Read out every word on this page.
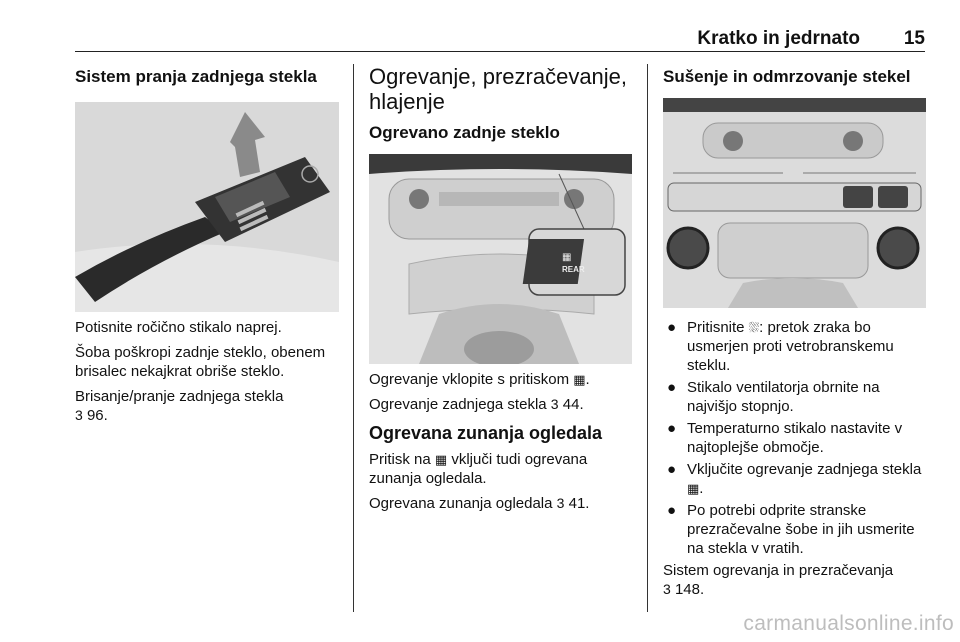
Kratko in jedrnato 15
Sistem pranja zadnjega stekla

Potisnite ročično stikalo naprej.

Šoba poškropi zadnje steklo, obenem brisalec nekajkrat obriše steklo.

Brisanje/pranje zadnjega stekla
3 96.

Ogrevanje, prezračevanje, hlajenje
Ogrevano zadnje steklo
REAR
▦

Ogrevanje vklopite s pritiskom ▦.

Ogrevanje zadnjega stekla 3 44.

Ogrevana zunanja ogledala

Pritisk na ▦ vključi tudi ogrevana zunanja ogledala.

Ogrevana zunanja ogledala 3 41.

Sušenje in odmrzovanje stekel
● Pritisnite ⛆: pretok zraka bo usmerjen proti vetrobranskemu steklu.
● Stikalo ventilatorja obrnite na najvišjo stopnjo.
● Temperaturno stikalo nastavite v najtoplejše območje.
● Vključite ogrevanje zadnjega stekla ▦.
● Po potrebi odprite stranske prezračevalne šobe in jih usmerite na stekla v vratih.

Sistem ogrevanja in prezračevanja
3 148.

carmanualsonline.info
